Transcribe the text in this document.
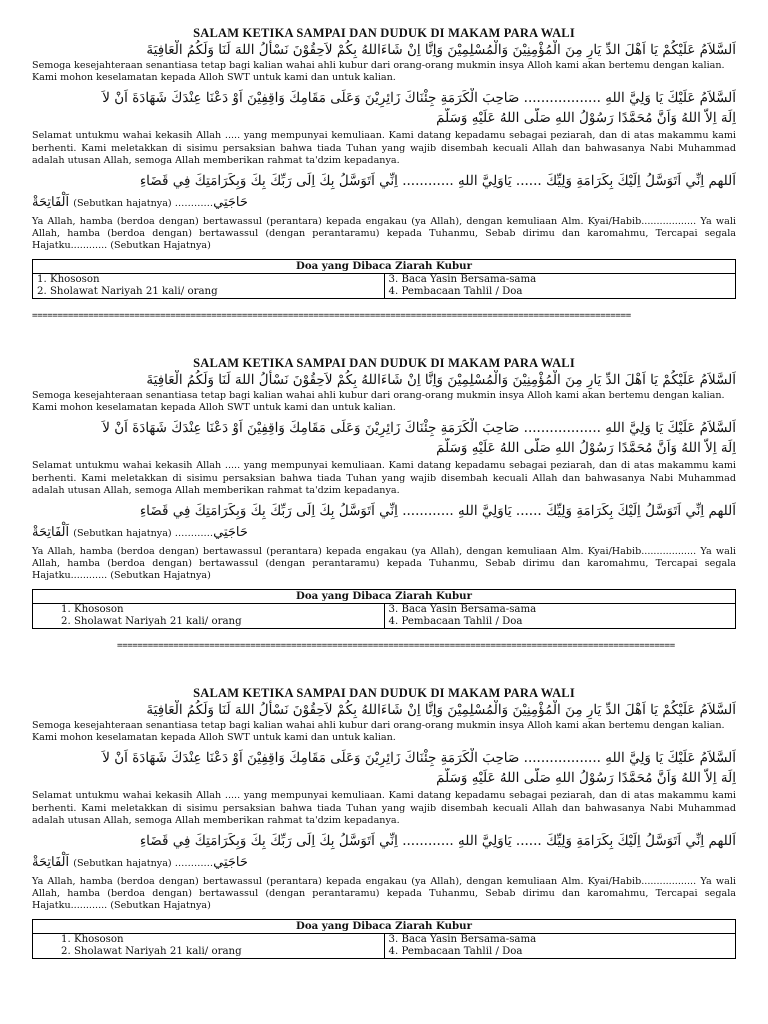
SALAM KETIKA SAMPAI DAN DUDUK DI MAKAM PARA WALI
اَلسَّلاَمُ عَلَيْكُمْ يَا اَهْلَ الدِّ يَارِ مِنَ الْمُؤْمِنِيْنَ وَالْمُسْلِمِيْنَ وَاِنَّا اِنْ شَاءَاللهُ بِكُمْ لاَحِقُوْنَ نَسْأَلُ اللهَ لَنَا وَلَكُمُ الْعَافِيَةَ
Semoga kesejahteraan senantiasa tetap bagi kalian wahai ahli kubur dari orang-orang mukmin insya Alloh kami akan bertemu dengan kalian. Kami mohon keselamatan kepada Alloh SWT untuk kami dan untuk kalian.
اَلسَّلاَمُ عَلَيْكَ يَا وَلِيَّ اللهِ .................. صَاحِبَ الْكَرَمَةِ جِئْنَاكَ زَائِرِيْنَ وَعَلَى مَقَامِكَ وَاقِفِيْنَ اَوْ دَعْنَا عِنْدَكَ شَهَادَةَ اَنْ لاَ
اِلَهَ اِلاَّ اللهُ وَاَنَّ مُحَمَّدًا رَسُوْلُ اللهِ صَلَّى اللهُ عَلَيْهِ وَسَلَّمَ
Selamat untukmu wahai kekasih Allah ..... yang mempunyai kemuliaan. Kami datang kepadamu sebagai peziarah, dan di atas makammu kami berhenti. Kami meletakkan di sisimu persaksian bahwa tiada Tuhan yang wajib disembah kecuali Allah dan bahwasanya Nabi Muhammad adalah utusan Allah, semoga Allah memberikan rahmat ta'dzim kepadanya.
اَللهم اِنِّي اَتَوَسَّلُ اِلَيْكَ بِكَرَامَةِ وَلِيِّكَ ...... يَاوَلِيَّ اللهِ ............ اِنِّي اَتَوَسَّلُ بِكَ اِلَى رَبِّكَ بِكَ وَبِكَرَامَتِكَ فِي قَضَاءِ
حَاجَتِي(Sebutkan hajatnya) ………… اَلْفَاتِحَةْ
Ya Allah, hamba (berdoa dengan) bertawassul (perantara) kepada engakau (ya Allah), dengan kemuliaan Alm. Kyai/Habib.................. Ya wali Allah, hamba (berdoa dengan) bertawassul (dengan perantaramu) kepada Tuhanmu, Sebab dirimu dan karomahmu, Tercapai segala Hajatku............ (Sebutkan Hajatnya)
Doa yang Dibaca Ziarah Kubur	
1. Khososon	3. Baca Yasin Bersama-sama
2. Sholawat Nariyah 21 kali/ orang	4. Pembacaan Tahlil / Doa
=====================================================================================================================
SALAM KETIKA SAMPAI DAN DUDUK DI MAKAM PARA WALI
اَلسَّلاَمُ عَلَيْكُمْ يَا اَهْلَ الدِّ يَارِ مِنَ الْمُؤْمِنِيْنَ وَالْمُسْلِمِيْنَ وَاِنَّا اِنْ شَاءَاللهُ بِكُمْ لاَحِقُوْنَ نَسْأَلُ اللهَ لَنَا وَلَكُمُ الْعَافِيَةَ
Semoga kesejahteraan senantiasa tetap bagi kalian wahai ahli kubur dari orang-orang mukmin insya Alloh kami akan bertemu dengan kalian. Kami mohon keselamatan kepada Alloh SWT untuk kami dan untuk kalian.
اَلسَّلاَمُ عَلَيْكَ يَا وَلِيَّ اللهِ .................. صَاحِبَ الْكَرَمَةِ جِئْنَاكَ زَائِرِيْنَ وَعَلَى مَقَامِكَ وَاقِفِيْنَ اَوْ دَعْنَا عِنْدَكَ شَهَادَةَ اَنْ لاَ
اِلَهَ اِلاَّ اللهُ وَاَنَّ مُحَمَّدًا رَسُوْلُ اللهِ صَلَّى اللهُ عَلَيْهِ وَسَلَّمَ
Selamat untukmu wahai kekasih Allah ..... yang mempunyai kemuliaan. Kami datang kepadamu sebagai peziarah, dan di atas makammu kami berhenti. Kami meletakkan di sisimu persaksian bahwa tiada Tuhan yang wajib disembah kecuali Allah dan bahwasanya Nabi Muhammad adalah utusan Allah, semoga Allah memberikan rahmat ta'dzim kepadanya.
اَللهم اِنِّي اَتَوَسَّلُ اِلَيْكَ بِكَرَامَةِ وَلِيِّكَ ...... يَاوَلِيَّ اللهِ ............ اِنِّي اَتَوَسَّلُ بِكَ اِلَى رَبِّكَ بِكَ وَبِكَرَامَتِكَ فِي قَضَاءِ
حَاجَتِي(Sebutkan hajatnya) ………… اَلْفَاتِحَةْ
Ya Allah, hamba (berdoa dengan) bertawassul (perantara) kepada engakau (ya Allah), dengan kemuliaan Alm. Kyai/Habib.................. Ya wali Allah, hamba (berdoa dengan) bertawassul (dengan perantaramu) kepada Tuhanmu, Sebab dirimu dan karomahmu, Tercapai segala Hajatku............ (Sebutkan Hajatnya)
Doa yang Dibaca Ziarah Kubur	
1. Khososon	3. Baca Yasin Bersama-sama
2. Sholawat Nariyah 21 kali/ orang	4. Pembacaan Tahlil / Doa
=============================================================================================================
SALAM KETIKA SAMPAI DAN DUDUK DI MAKAM PARA WALI
اَلسَّلاَمُ عَلَيْكُمْ يَا اَهْلَ الدِّ يَارِ مِنَ الْمُؤْمِنِيْنَ وَالْمُسْلِمِيْنَ وَاِنَّا اِنْ شَاءَاللهُ بِكُمْ لاَحِقُوْنَ نَسْأَلُ اللهَ لَنَا وَلَكُمُ الْعَافِيَةَ
Semoga kesejahteraan senantiasa tetap bagi kalian wahai ahli kubur dari orang-orang mukmin insya Alloh kami akan bertemu dengan kalian. Kami mohon keselamatan kepada Alloh SWT untuk kami dan untuk kalian.
اَلسَّلاَمُ عَلَيْكَ يَا وَلِيَّ اللهِ .................. صَاحِبَ الْكَرَمَةِ جِئْنَاكَ زَائِرِيْنَ وَعَلَى مَقَامِكَ وَاقِفِيْنَ اَوْ دَعْنَا عِنْدَكَ شَهَادَةَ اَنْ لاَ
اِلَهَ اِلاَّ اللهُ وَاَنَّ مُحَمَّدًا رَسُوْلُ اللهِ صَلَّى اللهُ عَلَيْهِ وَسَلَّمَ
Selamat untukmu wahai kekasih Allah ..... yang mempunyai kemuliaan. Kami datang kepadamu sebagai peziarah, dan di atas makammu kami berhenti. Kami meletakkan di sisimu persaksian bahwa tiada Tuhan yang wajib disembah kecuali Allah dan bahwasanya Nabi Muhammad adalah utusan Allah, semoga Allah memberikan rahmat ta'dzim kepadanya.
اَللهم اِنِّي اَتَوَسَّلُ اِلَيْكَ بِكَرَامَةِ وَلِيِّكَ ...... يَاوَلِيَّ اللهِ ............ اِنِّي اَتَوَسَّلُ بِكَ اِلَى رَبِّكَ بِكَ وَبِكَرَامَتِكَ فِي قَضَاءِ
حَاجَتِي(Sebutkan hajatnya) ………… اَلْفَاتِحَةْ
Ya Allah, hamba (berdoa dengan) bertawassul (perantara) kepada engakau (ya Allah), dengan kemuliaan Alm. Kyai/Habib.................. Ya wali Allah, hamba (berdoa dengan) bertawassul (dengan perantaramu) kepada Tuhanmu, Sebab dirimu dan karomahmu, Tercapai segala Hajatku............ (Sebutkan Hajatnya)
Doa yang Dibaca Ziarah Kubur	
1. Khososon	3. Baca Yasin Bersama-sama
2. Sholawat Nariyah 21 kali/ orang	4. Pembacaan Tahlil / Doa
